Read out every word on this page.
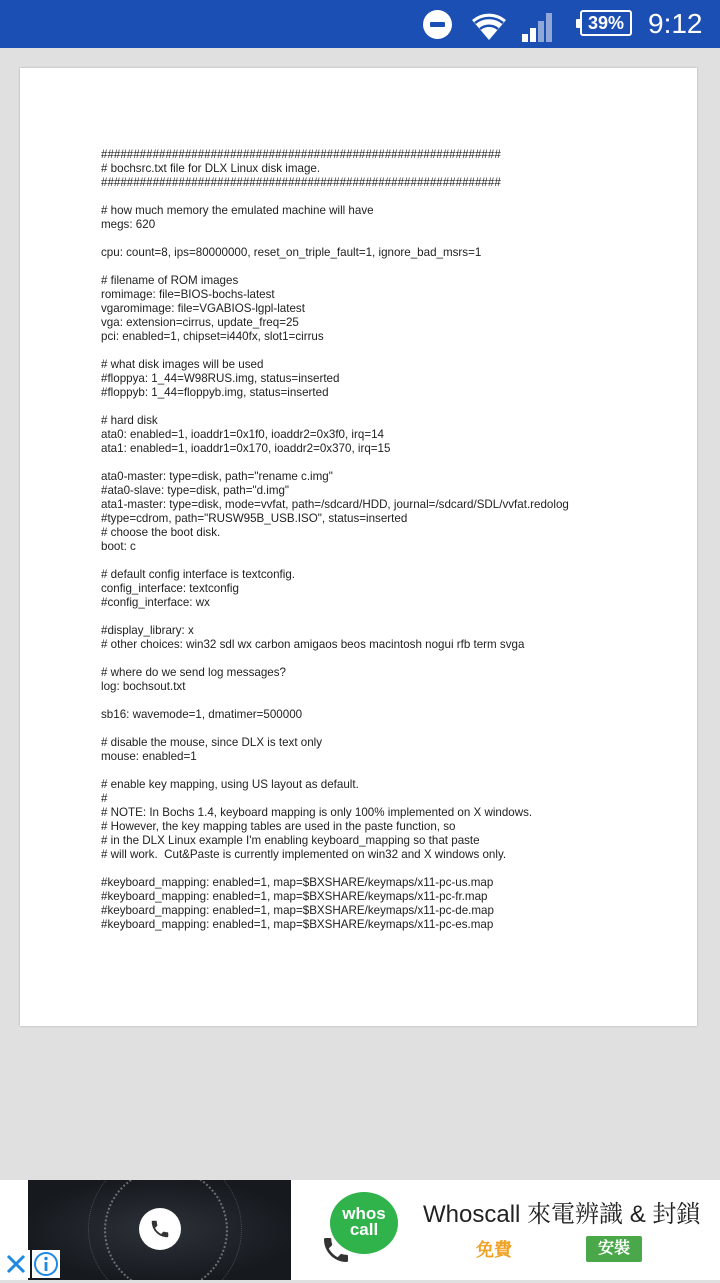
39% 9:12
##############################################################
# bochsrc.txt file for DLX Linux disk image.
##############################################################
# how much memory the emulated machine will have
megs: 620
cpu: count=8, ips=80000000, reset_on_triple_fault=1, ignore_bad_msrs=1
# filename of ROM images
romimage: file=BIOS-bochs-latest
vgaromimage: file=VGABIOS-lgpl-latest
vga: extension=cirrus, update_freq=25
pci: enabled=1, chipset=i440fx, slot1=cirrus
# what disk images will be used
#floppya: 1_44=W98RUS.img, status=inserted
#floppyb: 1_44=floppyb.img, status=inserted
# hard disk
ata0: enabled=1, ioaddr1=0x1f0, ioaddr2=0x3f0, irq=14
ata1: enabled=1, ioaddr1=0x170, ioaddr2=0x370, irq=15
ata0-master: type=disk, path="rename c.img"
#ata0-slave: type=disk, path="d.img"
ata1-master: type=disk, mode=vvfat, path=/sdcard/HDD, journal=/sdcard/SDL/vvfat.redolog
#type=cdrom, path="RUSW95B_USB.ISO", status=inserted
# choose the boot disk.
boot: c
# default config interface is textconfig.
config_interface: textconfig
#config_interface: wx
#display_library: x
# other choices: win32 sdl wx carbon amigaos beos macintosh nogui rfb term svga
# where do we send log messages?
log: bochsout.txt
sb16: wavemode=1, dmatimer=500000
# disable the mouse, since DLX is text only
mouse: enabled=1
# enable key mapping, using US layout as default.
#
# NOTE: In Bochs 1.4, keyboard mapping is only 100% implemented on X windows.
# However, the key mapping tables are used in the paste function, so
# in the DLX Linux example I'm enabling keyboard_mapping so that paste
# will work.  Cut&Paste is currently implemented on win32 and X windows only.
#keyboard_mapping: enabled=1, map=$BXSHARE/keymaps/x11-pc-us.map
#keyboard_mapping: enabled=1, map=$BXSHARE/keymaps/x11-pc-fr.map
#keyboard_mapping: enabled=1, map=$BXSHARE/keymaps/x11-pc-de.map
#keyboard_mapping: enabled=1, map=$BXSHARE/keymaps/x11-pc-es.map
whos call
Whoscall 來電辨識 & 封鎖
免費	安裝
